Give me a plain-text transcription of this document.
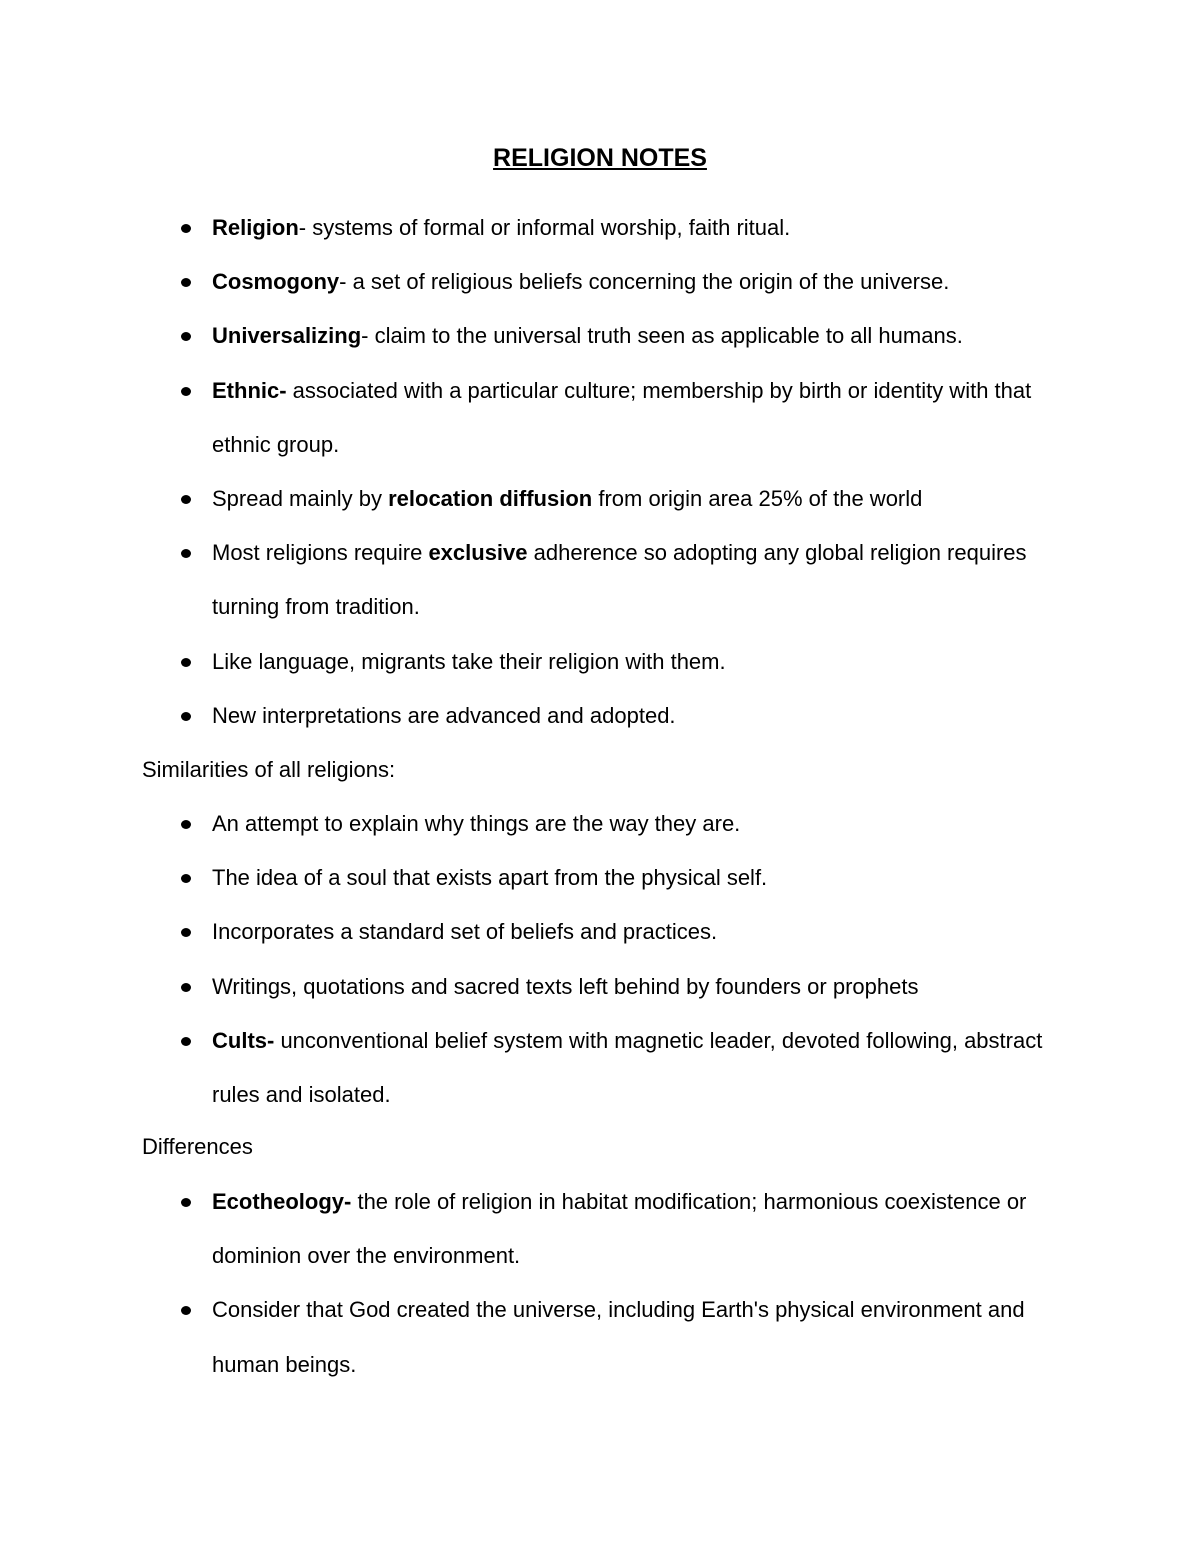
RELIGION NOTES
Religion- systems of formal or informal worship, faith ritual.
Cosmogony- a set of religious beliefs concerning the origin of the universe.
Universalizing- claim to the universal truth seen as applicable to all humans.
Ethnic- associated with a particular culture; membership by birth or identity with that ethnic group.
Spread mainly by relocation diffusion from origin area 25% of the world
Most religions require exclusive adherence so adopting any global religion requires turning from tradition.
Like language, migrants take their religion with them.
New interpretations are advanced and adopted.
Similarities of all religions:
An attempt to explain why things are the way they are.
The idea of a soul that exists apart from the physical self.
Incorporates a standard set of beliefs and practices.
Writings, quotations and sacred texts left behind by founders or prophets
Cults- unconventional belief system with magnetic leader, devoted following, abstract rules and isolated.
Differences
Ecotheology- the role of religion in habitat modification; harmonious coexistence or dominion over the environment.
Consider that God created the universe, including Earth's physical environment and human beings.
